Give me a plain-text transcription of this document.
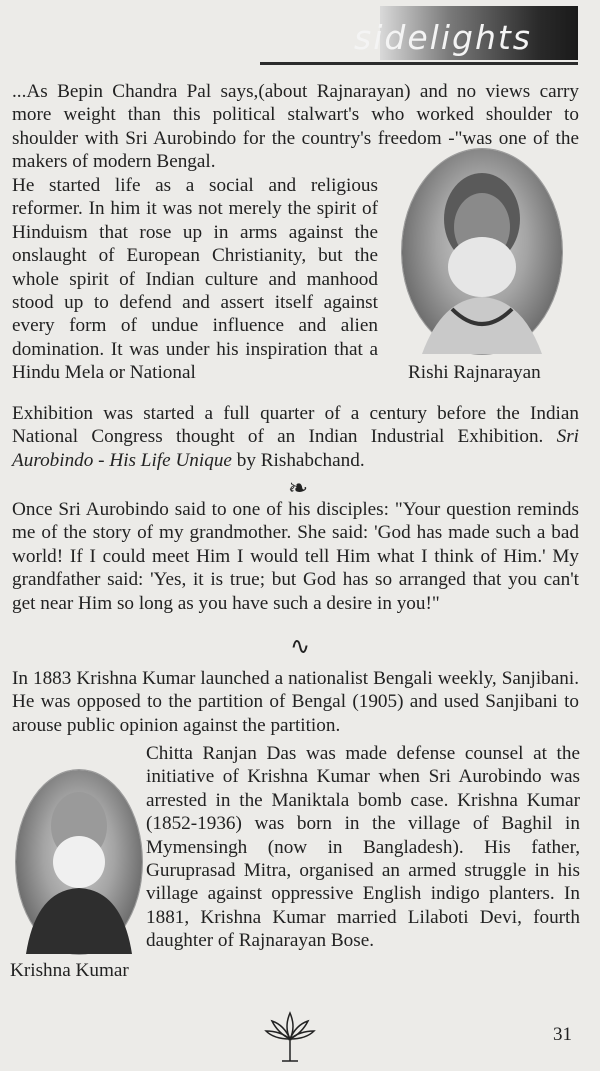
sidelights
...As Bepin Chandra Pal says,(about Rajnarayan) and no views carry more weight than this political stalwart's who worked shoulder to shoulder with Sri Aurobindo for the country's freedom -"was one of the makers of modern Bengal.
He started life as a social and religious reformer. In him it was not merely the spirit of Hinduism that rose up in arms against the onslaught of European Christianity, but the whole spirit of Indian culture and manhood stood up to defend and assert itself against every form of undue influence and alien domination. It was under his inspiration that a Hindu Mela or National	Rishi Rajnarayan
Exhibition was started a full quarter of a century before the Indian National Congress thought of an Indian Industrial Exhibition. Sri Aurobindo - His Life Unique by Rishabchand.
❧
Once Sri Aurobindo said to one of his disciples: "Your question reminds me of the story of my grandmother. She said: 'God has made such a bad world! If I could meet Him I would tell Him what I think of Him.' My grandfather said: 'Yes, it is true; but God has so arranged that you can't get near Him so long as you have such a desire in you!"
∿
In 1883 Krishna Kumar launched a nationalist Bengali weekly, Sanjibani. He was opposed to the partition of Bengal (1905) and used Sanjibani to arouse public opinion against the partition.
Krishna Kumar
Chitta Ranjan Das was made defense counsel at the initiative of Krishna Kumar when Sri Aurobindo was arrested in the Maniktala bomb case. Krishna Kumar (1852-1936) was born in the village of Baghil in Mymensingh (now in Bangladesh). His father, Guruprasad Mitra, organised an armed struggle in his village against oppressive English indigo planters. In 1881, Krishna Kumar married Lilaboti Devi, fourth daughter of Rajnarayan Bose.
31
